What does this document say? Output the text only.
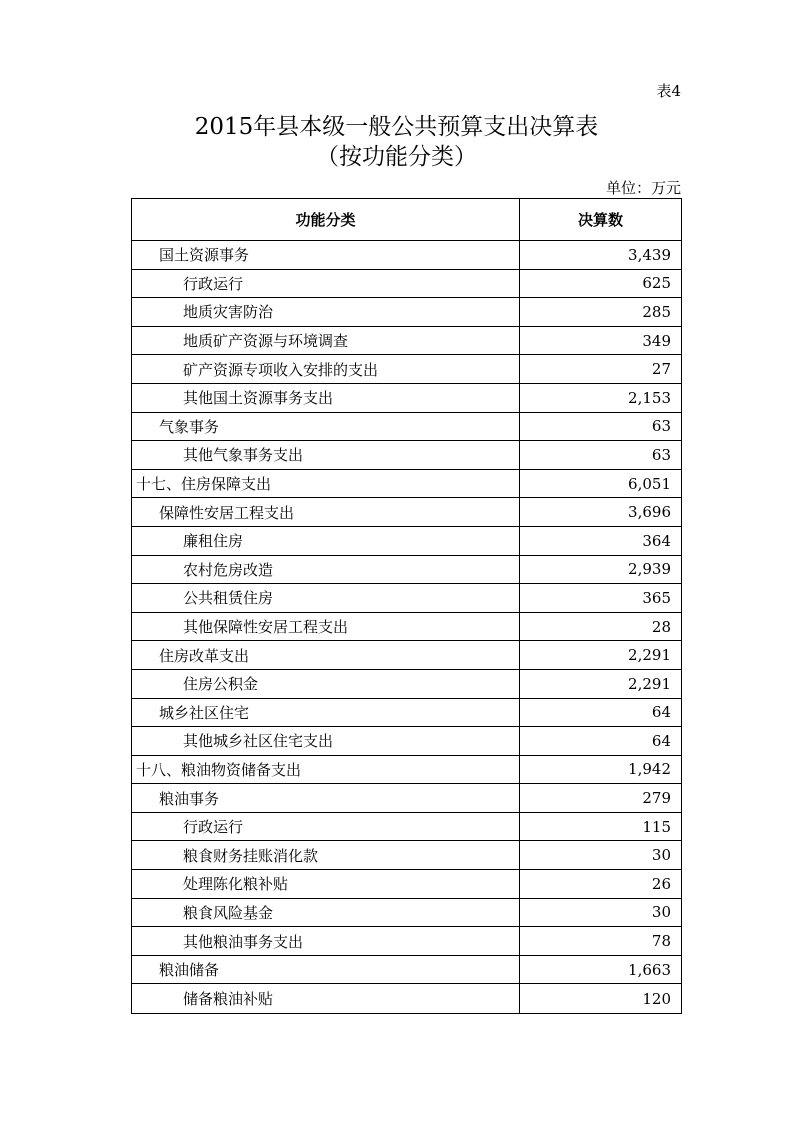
表4
2015年县本级一般公共预算支出决算表
（按功能分类）
单位：万元
功能分类	决算数
国土资源事务	3,439
行政运行	625
地质灾害防治	285
地质矿产资源与环境调查	349
矿产资源专项收入安排的支出	27
其他国土资源事务支出	2,153
气象事务	63
其他气象事务支出	63
十七、住房保障支出	6,051
保障性安居工程支出	3,696
廉租住房	364
农村危房改造	2,939
公共租赁住房	365
其他保障性安居工程支出	28
住房改革支出	2,291
住房公积金	2,291
城乡社区住宅	64
其他城乡社区住宅支出	64
十八、粮油物资储备支出	1,942
粮油事务	279
行政运行	115
粮食财务挂账消化款	30
处理陈化粮补贴	26
粮食风险基金	30
其他粮油事务支出	78
粮油储备	1,663
储备粮油补贴	120
